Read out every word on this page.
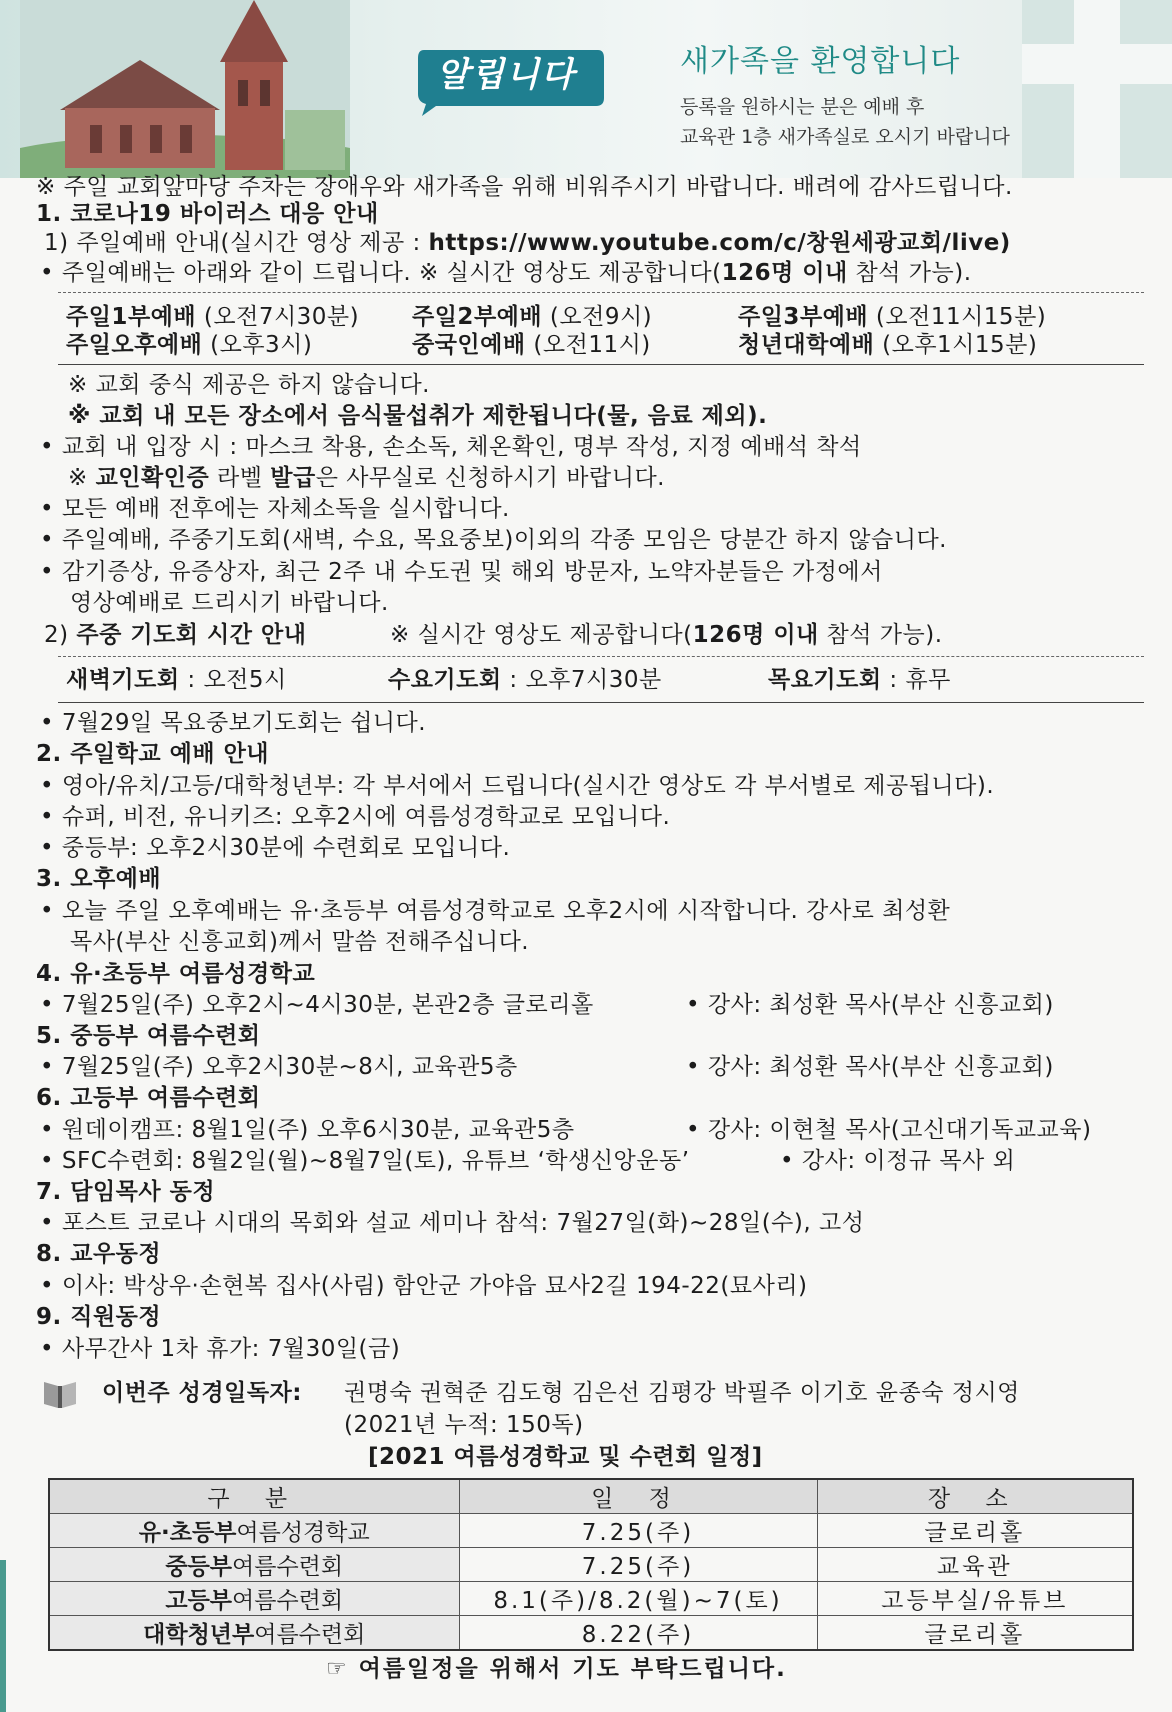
알립니다	새가족을 환영합니다
등록을 원하시는 분은 예배 후
교육관 1층 새가족실로 오시기 바랍니다
※ 주일 교회앞마당 주차는 장애우와 새가족을 위해 비워주시기 바랍니다. 배려에 감사드립니다.
1. 코로나19 바이러스 대응 안내
1) 주일예배 안내(실시간 영상 제공 : https://www.youtube.com/c/창원세광교회/live)
• 주일예배는 아래와 같이 드립니다. ※ 실시간 영상도 제공합니다(126명 이내 참석 가능).
주일1부예배 (오전7시30분) 주일2부예배 (오전9시)	주일3부예배 (오전11시15분)
주일오후예배 (오후3시)	중국인예배 (오전11시)	청년대학예배 (오후1시15분)
※ 교회 중식 제공은 하지 않습니다.
※ 교회 내 모든 장소에서 음식물섭취가 제한됩니다(물, 음료 제외).
• 교회 내 입장 시 : 마스크 착용, 손소독, 체온확인, 명부 작성, 지정 예배석 착석
※ 교인확인증 라벨 발급은 사무실로 신청하시기 바랍니다.
• 모든 예배 전후에는 자체소독을 실시합니다.
• 주일예배, 주중기도회(새벽, 수요, 목요중보)이외의 각종 모임은 당분간 하지 않습니다.
• 감기증상, 유증상자, 최근 2주 내 수도권 및 해외 방문자, 노약자분들은 가정에서
영상예배로 드리시기 바랍니다.
2) 주중 기도회 시간 안내	※ 실시간 영상도 제공합니다(126명 이내 참석 가능).
새벽기도회 : 오전5시	수요기도회 : 오후7시30분	목요기도회 : 휴무
• 7월29일 목요중보기도회는 쉽니다.
2. 주일학교 예배 안내
• 영아/유치/고등/대학청년부: 각 부서에서 드립니다(실시간 영상도 각 부서별로 제공됩니다).
• 슈퍼, 비전, 유니키즈: 오후2시에 여름성경학교로 모입니다.
• 중등부: 오후2시30분에 수련회로 모입니다.
3. 오후예배
• 오늘 주일 오후예배는 유·초등부 여름성경학교로 오후2시에 시작합니다. 강사로 최성환
목사(부산 신흥교회)께서 말씀 전해주십니다.
4. 유·초등부 여름성경학교
• 7월25일(주) 오후2시~4시30분, 본관2층 글로리홀	• 강사: 최성환 목사(부산 신흥교회)
5. 중등부 여름수련회
• 7월25일(주) 오후2시30분~8시, 교육관5층	• 강사: 최성환 목사(부산 신흥교회)
6. 고등부 여름수련회
• 원데이캠프: 8월1일(주) 오후6시30분, 교육관5층	• 강사: 이현철 목사(고신대기독교교육)
• SFC수련회: 8월2일(월)~8월7일(토), 유튜브 ‘학생신앙운동’	• 강사: 이정규 목사 외
7. 담임목사 동정
• 포스트 코로나 시대의 목회와 설교 세미나 참석: 7월27일(화)~28일(수), 고성
8. 교우동정
• 이사: 박상우·손현복 집사(사림) 함안군 가야읍 묘사2길 194-22(묘사리)
9. 직원동정
• 사무간사 1차 휴가: 7월30일(금)
이번주 성경일독자: 권명숙 권혁준 김도형 김은선 김평강 박필주 이기호 윤종숙 정시영
(2021년 누적: 150독)
[2021 여름성경학교 및 수련회 일정]
구 분	일 정	장 소
유·초등부여름성경학교	7.25(주)	글로리홀
중등부여름수련회	7.25(주)	교육관
고등부여름수련회	8.1(주)/8.2(월)~7(토)	고등부실/유튜브
대학청년부여름수련회	8.22(주)	글로리홀
☞ 여름일정을 위해서 기도 부탁드립니다.
